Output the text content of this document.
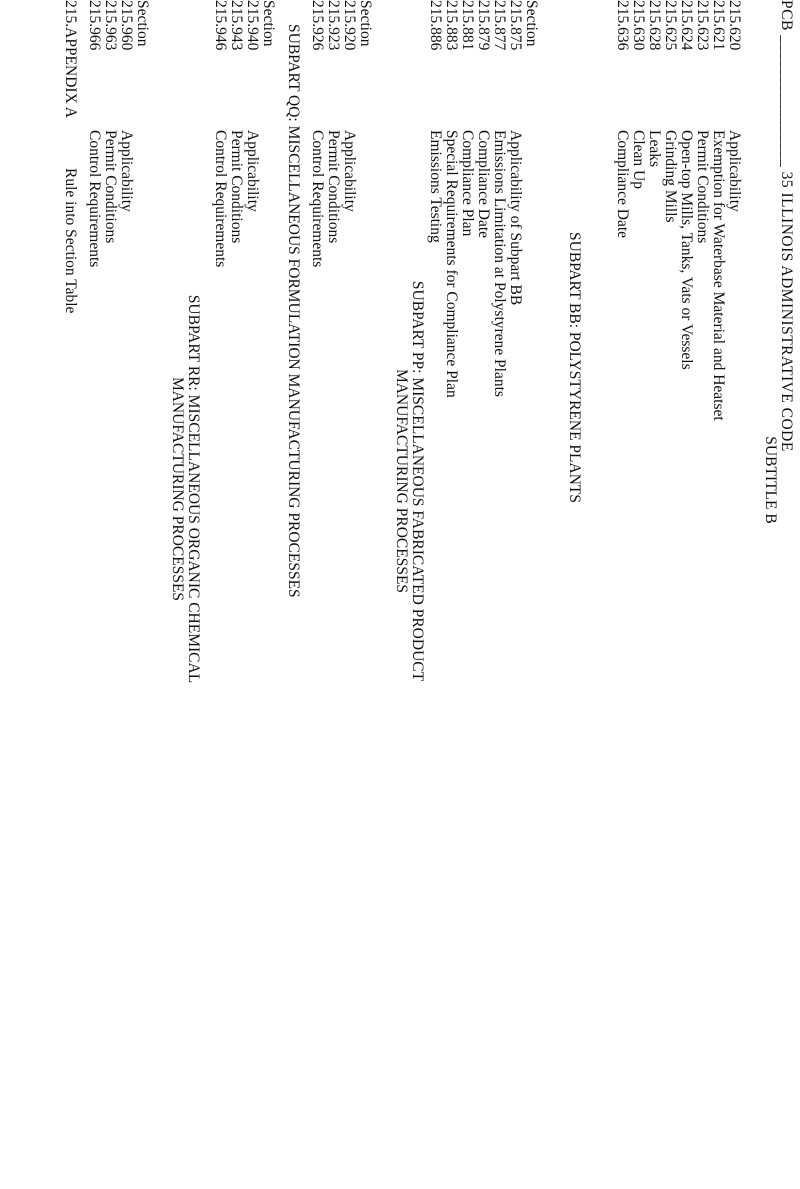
PCB ________________ 35 ILLINOIS ADMINISTRATIVE CODE
SUBTITLE B
215.620
Applicability
215.621
Exemption for Waterbase Material and Heatset
215.623
Permit Conditions
215.624
Open-top Mills, Tanks, Vats or Vessels
215.625
Grinding Mills
215.628
Leaks
215.630
Clean Up
215.636
Compliance Date
SUBPART BB: POLYSTYRENE PLANTS
Section
215.875
Applicability of Subpart BB
215.877
Emissions Limitation at Polystyrene Plants
215.879
Compliance Date
215.881
Compliance Plan
215.883
Special Requirements for Compliance Plan
215.886
Emissions Testing
SUBPART PP: MISCELLANEOUS FABRICATED PRODUCT
MANUFACTURING PROCESSES
Section
215.920
Applicability
215.923
Permit Conditions
215.926
Control Requirements
SUBPART QQ: MISCELLANEOUS FORMULATION MANUFACTURING PROCESSES
Section
215.940
Applicability
215.943
Permit Conditions
215.946
Control Requirements
SUBPART RR: MISCELLANEOUS ORGANIC CHEMICAL
MANUFACTURING PROCESSES
Section
215.960
Applicability
215.963
Permit Conditions
215.966
Control Requirements
215.APPENDIX A
Rule into Section Table
